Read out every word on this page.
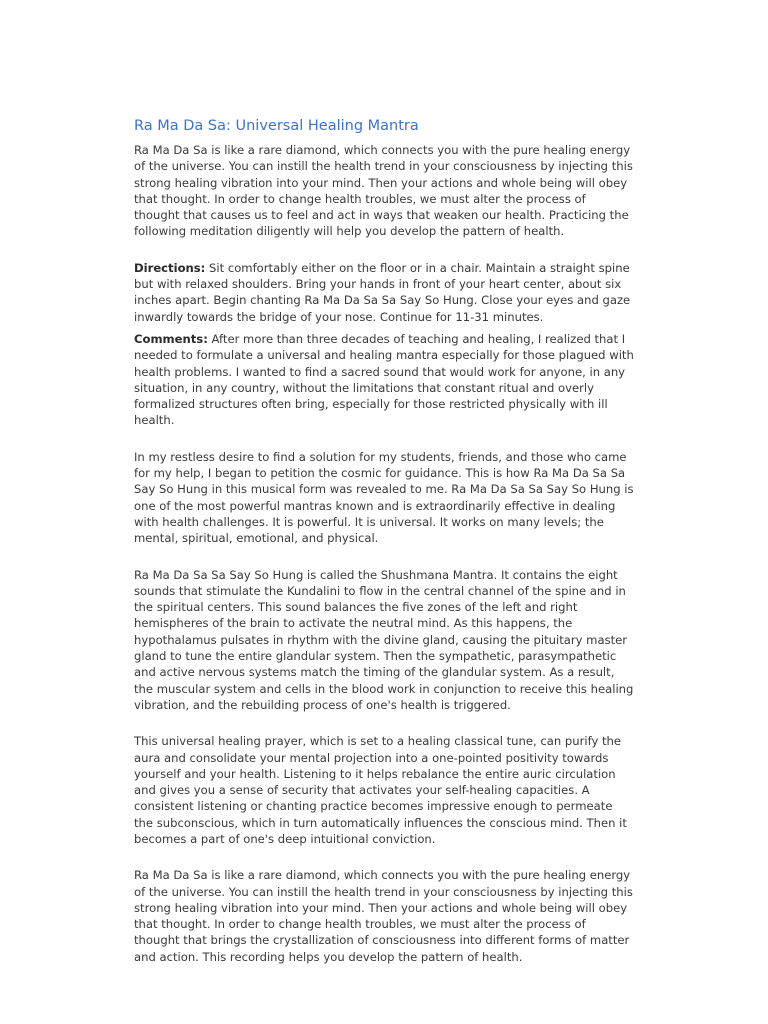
Ra Ma Da Sa: Universal Healing Mantra

Ra Ma Da Sa is like a rare diamond, which connects you with the pure healing energy of the universe. You can instill the health trend in your consciousness by injecting this strong healing vibration into your mind. Then your actions and whole being will obey that thought. In order to change health troubles, we must alter the process of thought that causes us to feel and act in ways that weaken our health. Practicing the following meditation diligently will help you develop the pattern of health.

Directions: Sit comfortably either on the floor or in a chair. Maintain a straight spine but with relaxed shoulders. Bring your hands in front of your heart center, about six inches apart. Begin chanting Ra Ma Da Sa Sa Say So Hung. Close your eyes and gaze inwardly towards the bridge of your nose. Continue for 11-31 minutes.

Comments: After more than three decades of teaching and healing, I realized that I needed to formulate a universal and healing mantra especially for those plagued with health problems. I wanted to find a sacred sound that would work for anyone, in any situation, in any country, without the limitations that constant ritual and overly formalized structures often bring, especially for those restricted physically with ill health.

In my restless desire to find a solution for my students, friends, and those who came for my help, I began to petition the cosmic for guidance. This is how Ra Ma Da Sa Sa Say So Hung in this musical form was revealed to me. Ra Ma Da Sa Sa Say So Hung is one of the most powerful mantras known and is extraordinarily effective in dealing with health challenges. It is powerful. It is universal. It works on many levels; the mental, spiritual, emotional, and physical.

Ra Ma Da Sa Sa Say So Hung is called the Shushmana Mantra. It contains the eight sounds that stimulate the Kundalini to flow in the central channel of the spine and in the spiritual centers. This sound balances the five zones of the left and right hemispheres of the brain to activate the neutral mind. As this happens, the hypothalamus pulsates in rhythm with the divine gland, causing the pituitary master gland to tune the entire glandular system. Then the sympathetic, parasympathetic and active nervous systems match the timing of the glandular system. As a result, the muscular system and cells in the blood work in conjunction to receive this healing vibration, and the rebuilding process of one's health is triggered.

This universal healing prayer, which is set to a healing classical tune, can purify the aura and consolidate your mental projection into a one-pointed positivity towards yourself and your health. Listening to it helps rebalance the entire auric circulation and gives you a sense of security that activates your self-healing capacities. A consistent listening or chanting practice becomes impressive enough to permeate the subconscious, which in turn automatically influences the conscious mind. Then it becomes a part of one's deep intuitional conviction.

Ra Ma Da Sa is like a rare diamond, which connects you with the pure healing energy of the universe. You can instill the health trend in your consciousness by injecting this strong healing vibration into your mind. Then your actions and whole being will obey that thought. In order to change health troubles, we must alter the process of thought that brings the crystallization of consciousness into different forms of matter and action. This recording helps you develop the pattern of health.
